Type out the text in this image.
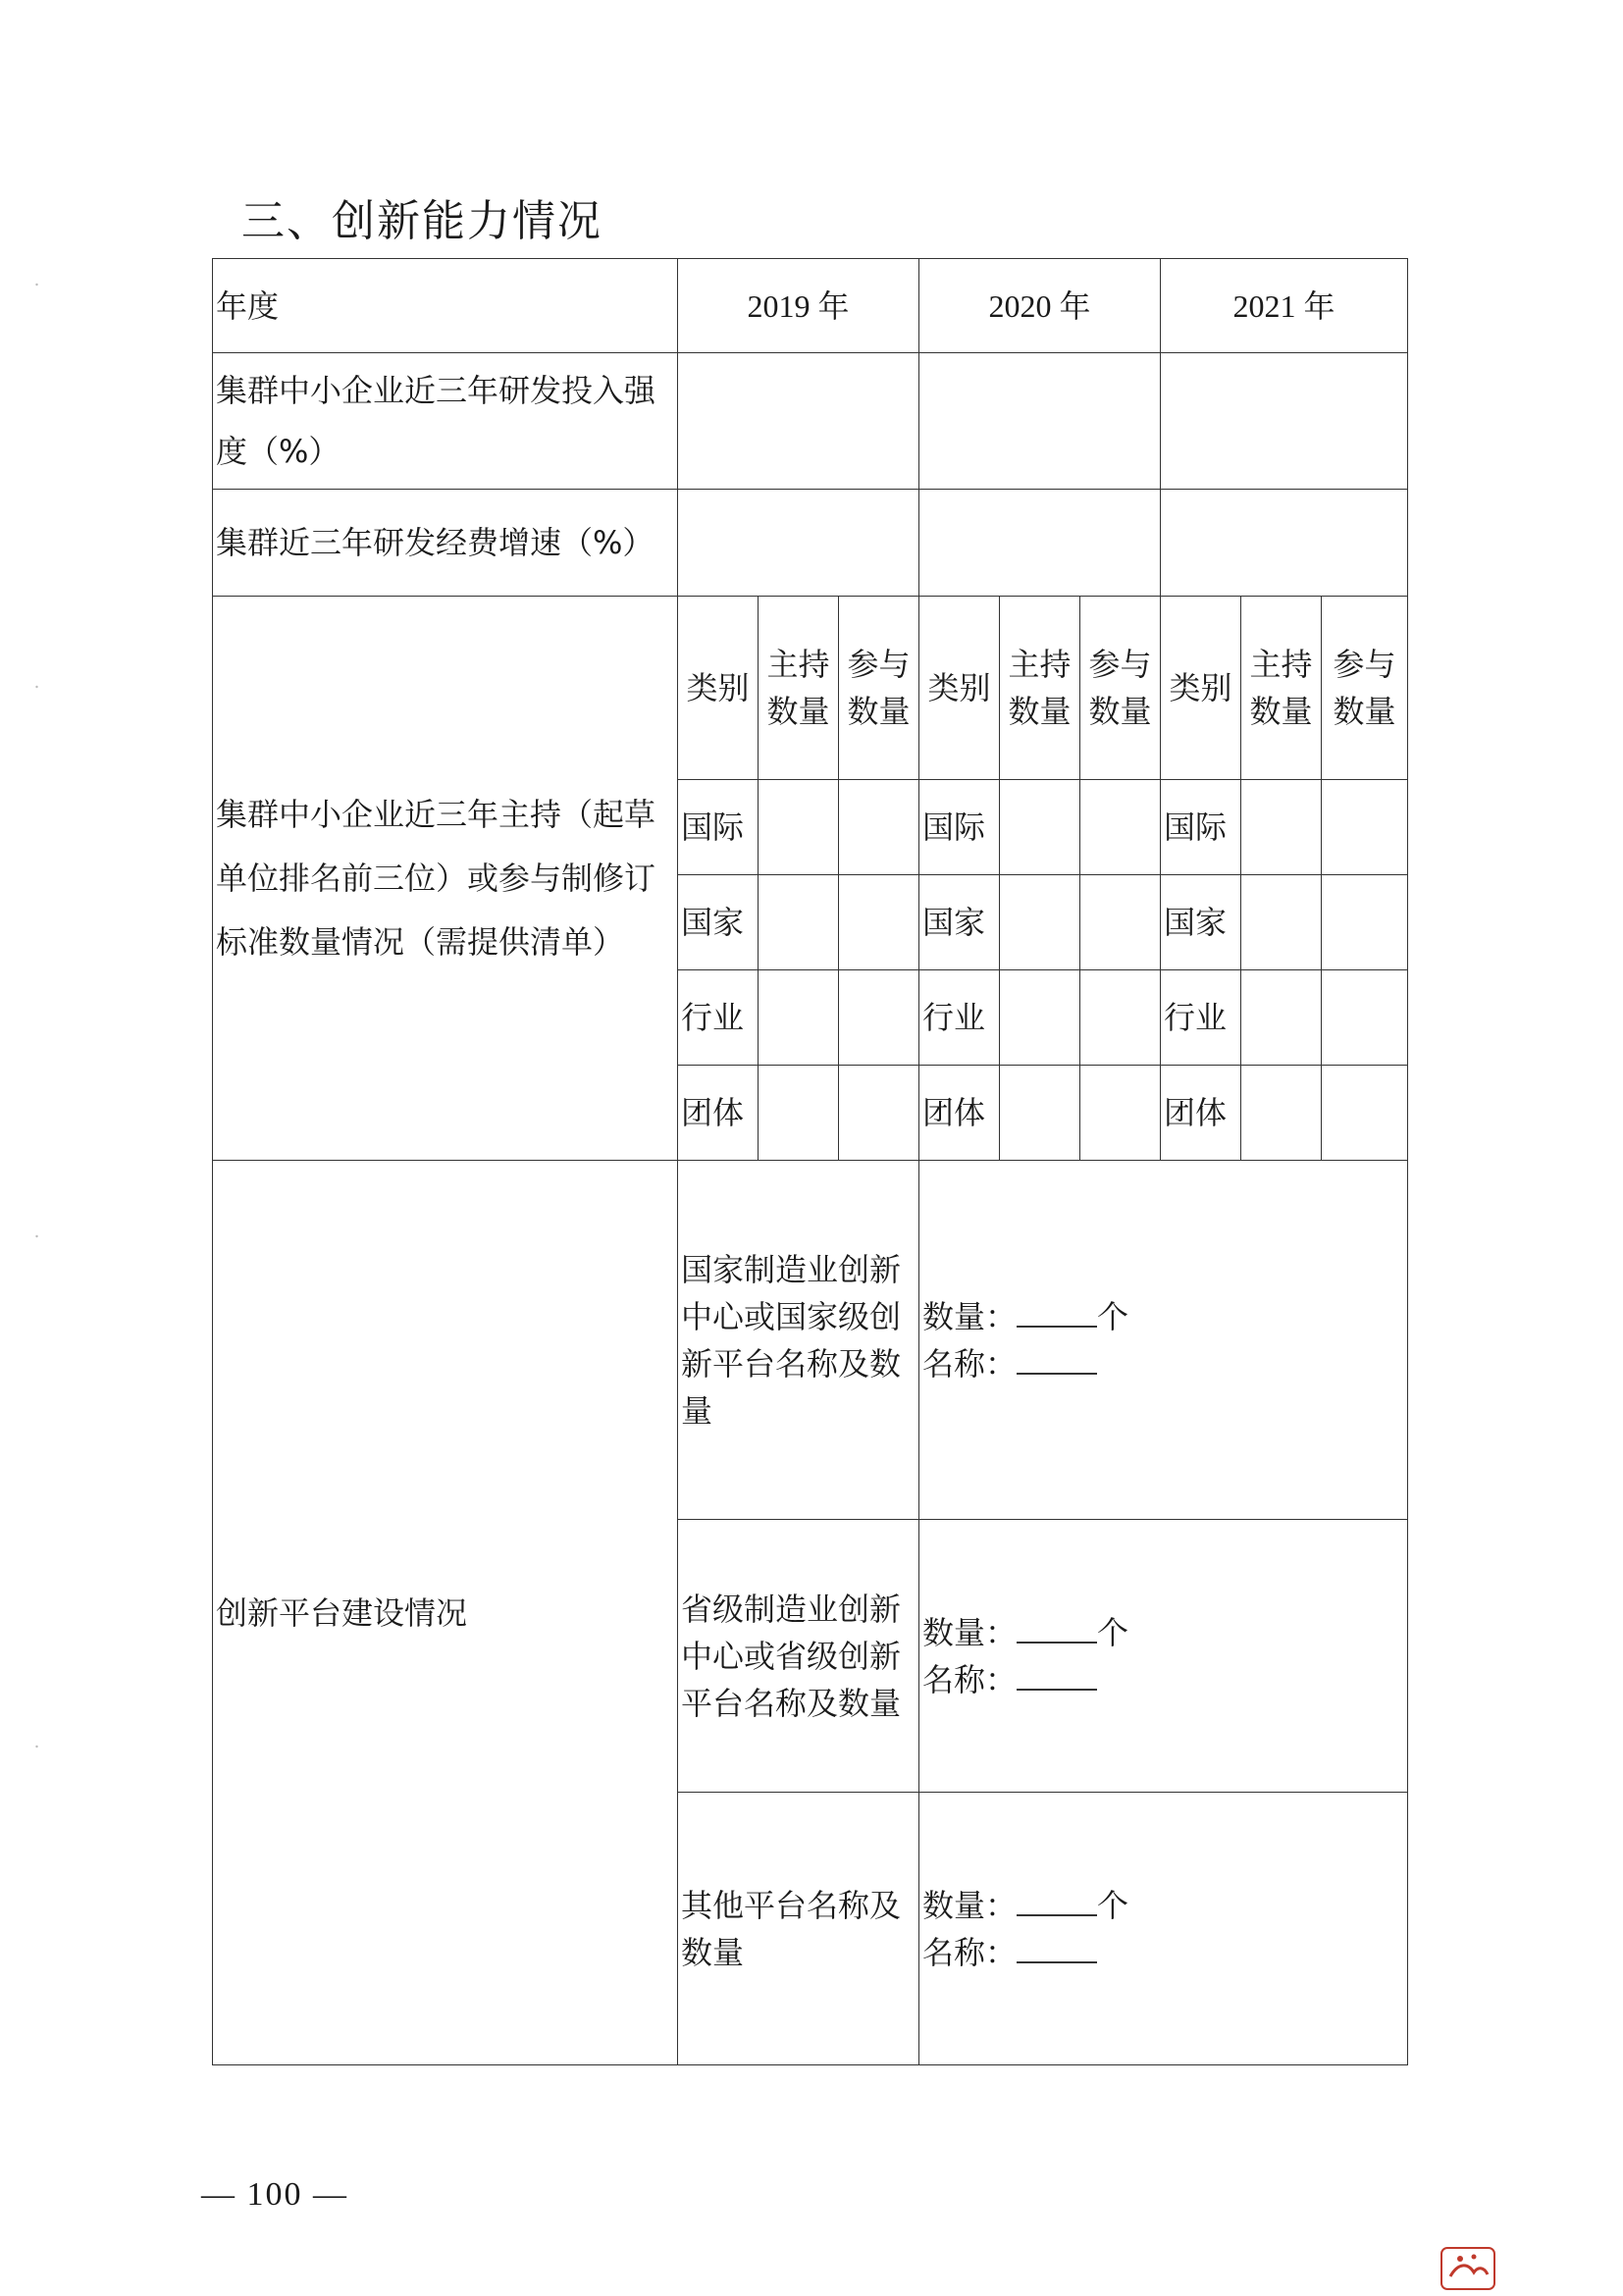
三、创新能力情况
年度	2019 年			2020 年			2021 年		
集群中小企业近三年研发投入强度（%）									
集群近三年研发经费增速（%）									
集群中小企业近三年主持（起草单位排名前三位）或参与制修订标准数量情况（需提供清单）	类别	主持数量	参与数量	类别	主持数量	参与数量	类别	主持数量	参与数量
	国际			国际			国际		
	国家			国家			国家		
	行业			行业			行业		
	团体			团体			团体		
创新平台建设情况	国家制造业创新中心或国家级创新平台名称及数量			数量： 个
名称：					

	省级制造业创新中心或省级创新平台名称及数量			数量： 个
名称：					

	其他平台名称及数量			数量： 个
名称：					
— 100 —
